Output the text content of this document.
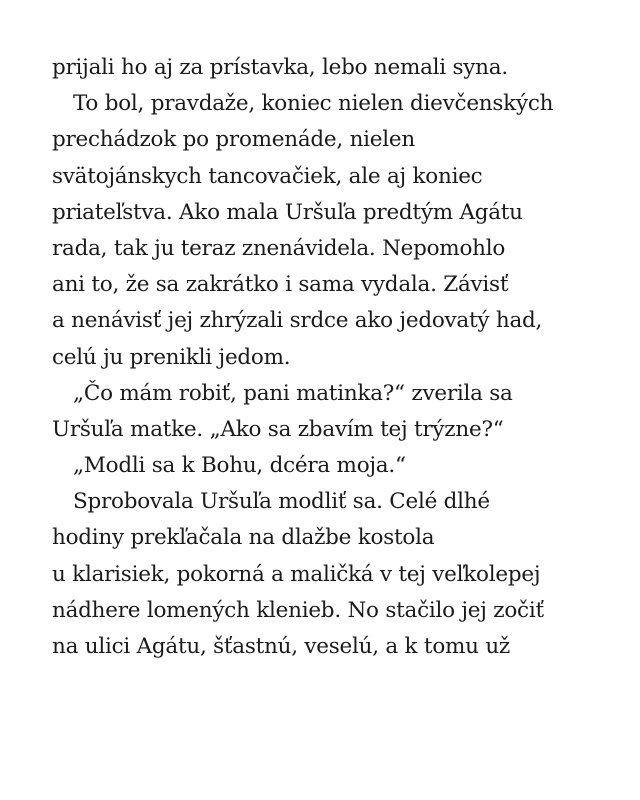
prijali ho aj za prístavka, lebo nemali syna.
To bol, pravdaže, koniec nielen dievčenských
prechádzok po promenáde, nielen
svätojánskych tancovačiek, ale aj koniec
priateľstva. Ako mala Uršuľa predtým Agátu
rada, tak ju teraz znenávidela. Nepomohlo
ani to, že sa zakrátko i sama vydala. Závisť
a nenávisť jej zhrýzali srdce ako jedovatý had,
celú ju prenikli jedom.
„Čo mám robiť, pani matinka?“ zverila sa
Uršuľa matke. „Ako sa zbavím tej trýzne?“
„Modli sa k Bohu, dcéra moja.“
Sprobovala Uršuľa modliť sa. Celé dlhé
hodiny prekľačala na dlažbe kostola
u klarisiek, pokorná a maličká v tej veľkolepej
nádhere lomených klenieb. No stačilo jej zočiť
na ulici Agátu, šťastnú, veselú, a k tomu už
